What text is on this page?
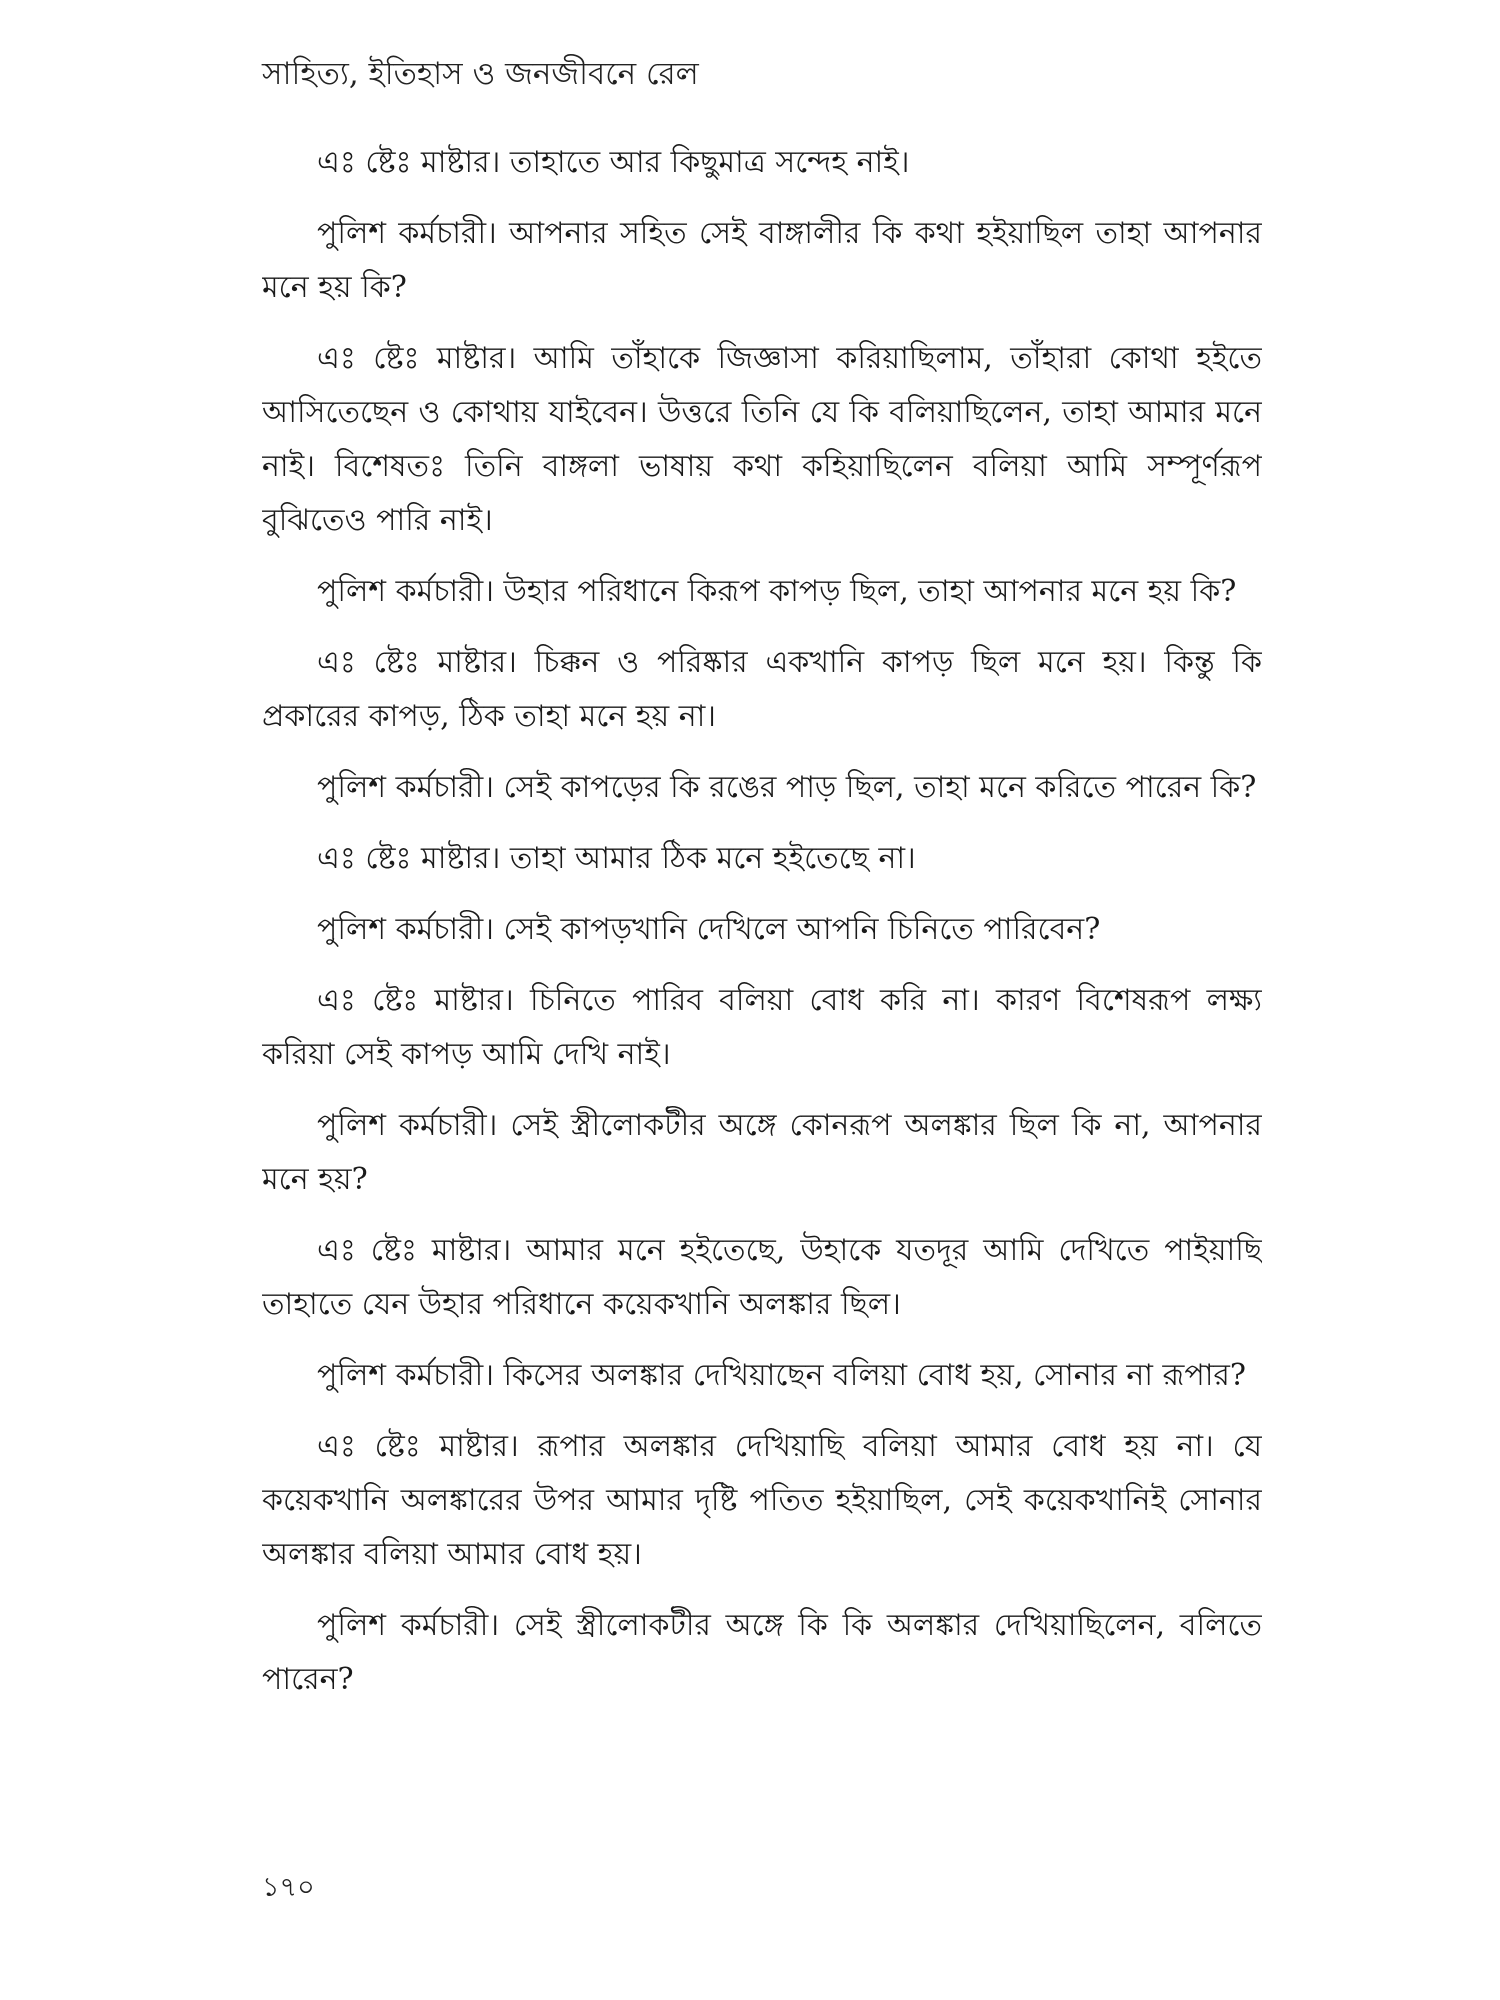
সাহিত্য, ইতিহাস ও জনজীবনে রেল

এঃ ষ্টেঃ মাষ্টার। তাহাতে আর কিছুমাত্র সন্দেহ নাই।

পুলিশ কর্মচারী। আপনার সহিত সেই বাঙ্গালীর কি কথা হইয়াছিল তাহা আপনার মনে হয় কি?

এঃ ষ্টেঃ মাষ্টার। আমি তাঁহাকে জিজ্ঞাসা করিয়াছিলাম, তাঁহারা কোথা হইতে আসিতেছেন ও কোথায় যাইবেন। উত্তরে তিনি যে কি বলিয়াছিলেন, তাহা আমার মনে নাই। বিশেষতঃ তিনি বাঙ্গলা ভাষায় কথা কহিয়াছিলেন বলিয়া আমি সম্পূর্ণরূপ বুঝিতেও পারি নাই।

পুলিশ কর্মচারী। উহার পরিধানে কিরূপ কাপড় ছিল, তাহা আপনার মনে হয় কি?

এঃ ষ্টেঃ মাষ্টার। চিক্কন ও পরিষ্কার একখানি কাপড় ছিল মনে হয়। কিন্তু কি প্রকারের কাপড়, ঠিক তাহা মনে হয় না।

পুলিশ কর্মচারী। সেই কাপড়ের কি রঙের পাড় ছিল, তাহা মনে করিতে পারেন কি?

এঃ ষ্টেঃ মাষ্টার। তাহা আমার ঠিক মনে হইতেছে না।

পুলিশ কর্মচারী। সেই কাপড়খানি দেখিলে আপনি চিনিতে পারিবেন?

এঃ ষ্টেঃ মাষ্টার। চিনিতে পারিব বলিয়া বোধ করি না। কারণ বিশেষরূপ লক্ষ্য করিয়া সেই কাপড় আমি দেখি নাই।

পুলিশ কর্মচারী। সেই স্ত্রীলোকটীর অঙ্গে কোনরূপ অলঙ্কার ছিল কি না, আপনার মনে হয়?

এঃ ষ্টেঃ মাষ্টার। আমার মনে হইতেছে, উহাকে যতদূর আমি দেখিতে পাইয়াছি তাহাতে যেন উহার পরিধানে কয়েকখানি অলঙ্কার ছিল।

পুলিশ কর্মচারী। কিসের অলঙ্কার দেখিয়াছেন বলিয়া বোধ হয়, সোনার না রূপার?

এঃ ষ্টেঃ মাষ্টার। রূপার অলঙ্কার দেখিয়াছি বলিয়া আমার বোধ হয় না। যে কয়েকখানি অলঙ্কারের উপর আমার দৃষ্টি পতিত হইয়াছিল, সেই কয়েকখানিই সোনার অলঙ্কার বলিয়া আমার বোধ হয়।

পুলিশ কর্মচারী। সেই স্ত্রীলোকটীর অঙ্গে কি কি অলঙ্কার দেখিয়াছিলেন, বলিতে পারেন?

১৭০
